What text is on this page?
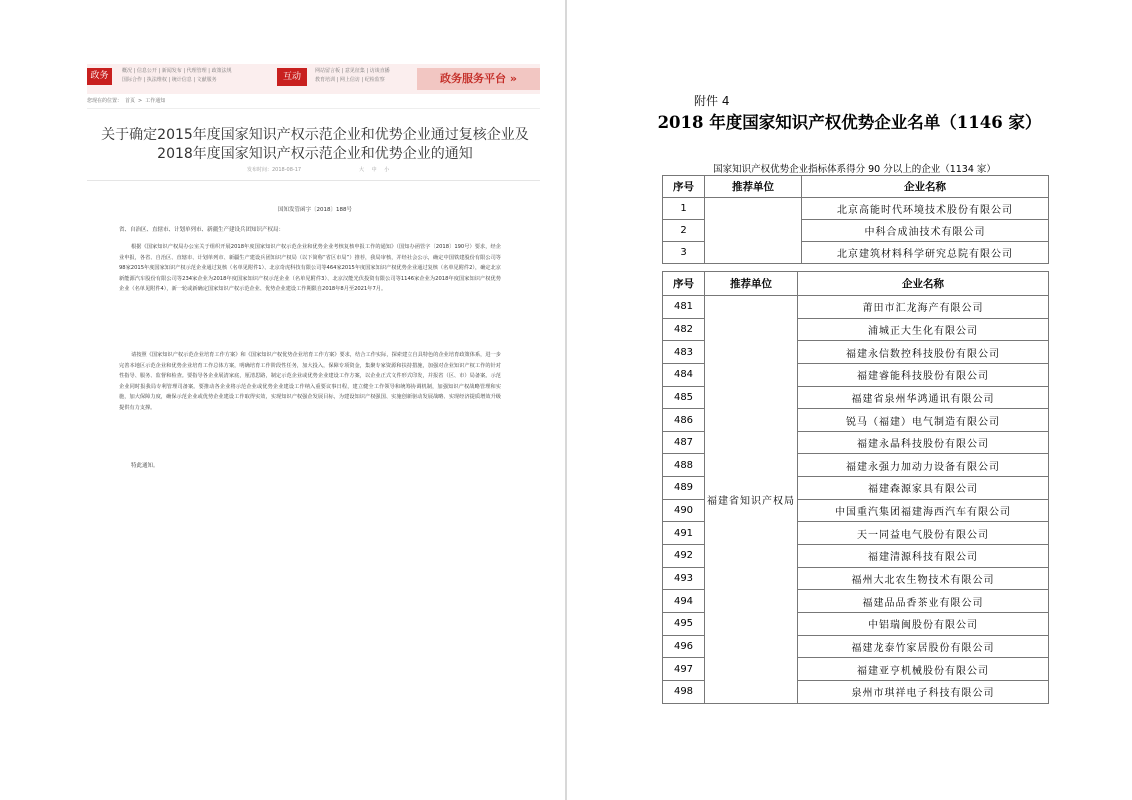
政务	概况 | 信息公开 | 新闻发布 | 代理管理 | 政策法规
国际合作 | 执法维权 | 统计信息 | 文献服务	互动
网站留言板 | 意见征集 | 访谈直播
教育培训 | 网上信访 | 纪检监察	政务服务平台 »
您现在的位置： 首页 > 工作通知
关于确定2015年度国家知识产权示范企业和优势企业通过复核企业及
2018年度国家知识产权示范企业和优势企业的通知
发布时间：2018-08-17	大 中 小
国知发管函字〔2018〕188号
省、自治区、直辖市、计划单列市、新疆生产建设兵团知识产权局：
根据《国家知识产权局办公室关于组织开展2018年度国家知识产权示范企业和优势企业考核复核申报工作的通知》（国知办函管字〔2018〕190号）要求，经企业申报，各省、自治区、直辖市、计划单列市、新疆生产建设兵团知识产权局（以下简称“省区市局”）推荐，我局审核，并经社会公示，确定中国铁建股份有限公司等98家2015年度国家知识产权示范企业通过复核（名单见附件1）、北京奇虎科技有限公司等464家2015年度国家知识产权优势企业通过复核（名单见附件2），确定北京新能源汽车股份有限公司等234家企业为2018年度国家知识产权示范企业（名单见附件3）、北京汉能光伏投资有限公司等1146家企业为2018年度国家知识产权优势企业（名单见附件4），新一轮或新确定国家知识产权示范企业、优势企业建设工作期限自2018年8月至2021年7月。
请按照《国家知识产权示范企业培育工作方案》和《国家知识产权优势企业培育工作方案》要求，结合工作实际，探索建立自具特色的企业培育政策体系，进一步完善本地区示范企业和优势企业培育工作总体方案，明确培育工作阶段性任务，加大投入，保障专项资金，集聚专家资源和扶持措施，加强对企业知识产权工作的针对性指导、服务、监督和检查。要指导各企业展清家底，厘清思路，制定示范企业或优势企业建设工作方案，以企业正式文件形式印发，并报省（区、市）局备案。示范企业同时报我局专利管理司备案。要推动各企业将示范企业或优势企业建设工作纳入重要议事日程，建立健全工作领导和统筹协调机制，加强知识产权战略管理和实施，加大保障力度，确保示范企业或优势企业建设工作取得实效，实现知识产权强企发展目标，为建设知识产权强国、实施创新驱动发展战略、实现经济提质增效升级提供有力支撑。
特此通知。
附件 4
2018 年度国家知识产权优势企业名单（1146 家）
国家知识产权优势企业指标体系得分 90 分以上的企业（1134 家）
序号	推荐单位	企业名称
1		北京高能时代环境技术股份有限公司
2		中科合成油技术有限公司
3		北京建筑材料科学研究总院有限公司
序号	推荐单位	企业名称
481	福建省知识产权局	莆田市汇龙海产有限公司
482		浦城正大生化有限公司
483		福建永信数控科技股份有限公司
484		福建睿能科技股份有限公司
485		福建省泉州华鸿通讯有限公司
486		锐马（福建）电气制造有限公司
487		福建永晶科技股份有限公司
488		福建永强力加动力设备有限公司
489		福建森源家具有限公司
490		中国重汽集团福建海西汽车有限公司
491		天一同益电气股份有限公司
492		福建清源科技有限公司
493		福州大北农生物技术有限公司
494		福建品品香茶业有限公司
495		中铝瑞闽股份有限公司
496		福建龙泰竹家居股份有限公司
497		福建亚亨机械股份有限公司
498		泉州市琪祥电子科技有限公司
